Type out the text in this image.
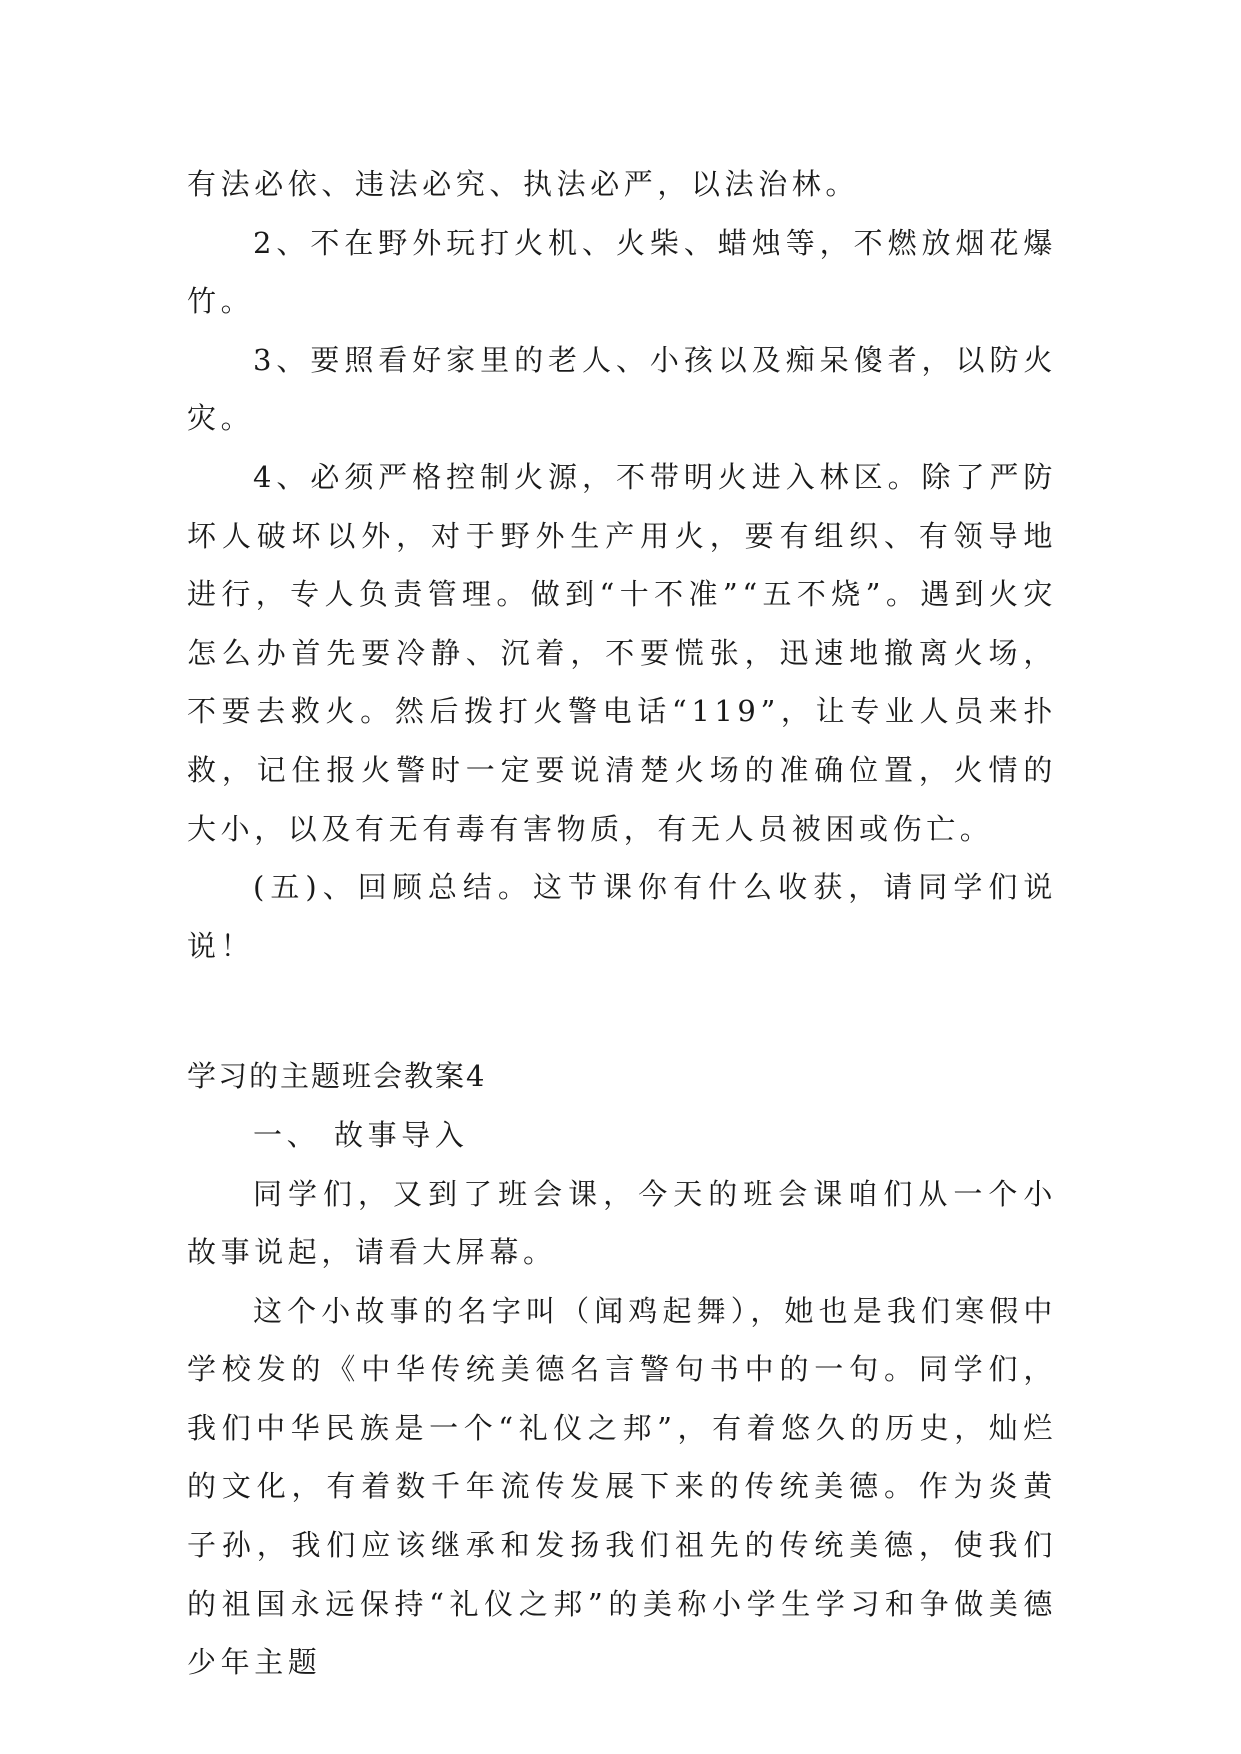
有法必依、违法必究、执法必严，以法治林。

2、不在野外玩打火机、火柴、蜡烛等，不燃放烟花爆竹。

3、要照看好家里的老人、小孩以及痴呆傻者，以防火灾。

4、必须严格控制火源，不带明火进入林区。除了严防坏人破坏以外，对于野外生产用火，要有组织、有领导地进行，专人负责管理。做到“十不准”“五不烧”。遇到火灾怎么办首先要冷静、沉着，不要慌张，迅速地撤离火场，不要去救火。然后拨打火警电话“119”，让专业人员来扑救，记住报火警时一定要说清楚火场的准确位置，火情的大小，以及有无有毒有害物质，有无人员被困或伤亡。

(五)、回顾总结。这节课你有什么收获，请同学们说说！

学习的主题班会教案4

一、 故事导入

同学们，又到了班会课，今天的班会课咱们从一个小故事说起，请看大屏幕。

这个小故事的名字叫（闻鸡起舞），她也是我们寒假中学校发的《中华传统美德名言警句书中的一句。同学们，我们中华民族是一个“礼仪之邦”，有着悠久的历史，灿烂的文化，有着数千年流传发展下来的传统美德。作为炎黄子孙，我们应该继承和发扬我们祖先的传统美德，使我们的祖国永远保持“礼仪之邦”的美称小学生学习和争做美德少年主题
